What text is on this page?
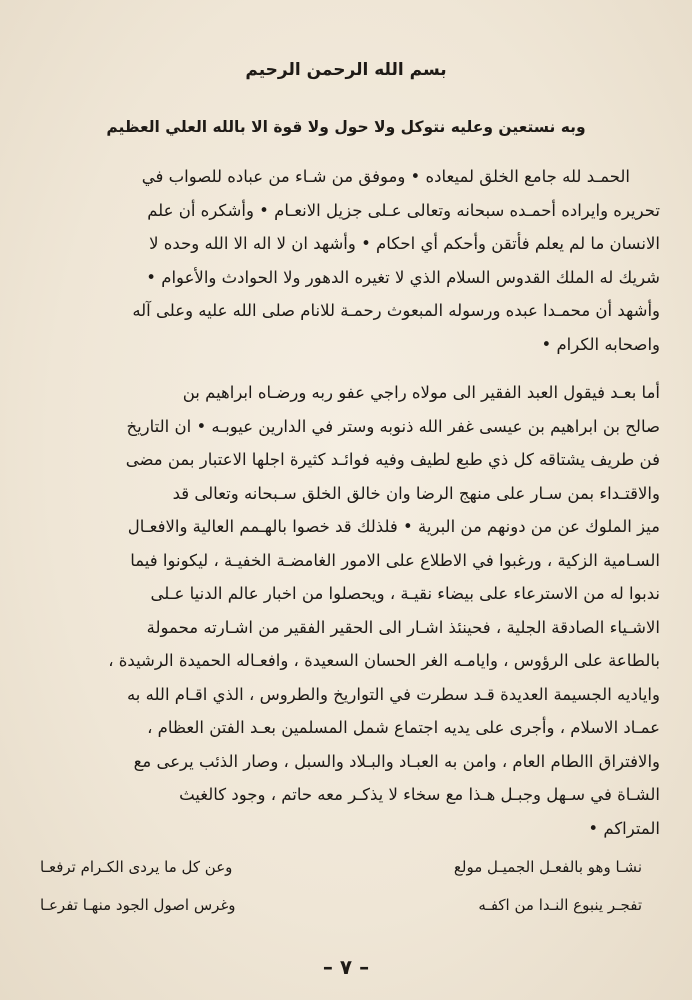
بسم الله الرحمن الرحيم
وبه نستعين وعليه نتوكل ولا حول ولا قوة الا بالله العلي العظيم
الحمـد لله جامع الخلق لميعاده • وموفق من شـاء من عباده للصواب في
تحريره وايراده أحمـده سبحانه وتعالى عـلى جزيل الانعـام • وأشكره أن علم
الانسان ما لم يعلم فأتقن وأحكم أي احكام • وأشهد ان لا اله الا الله وحده لا
شريك له الملك القدوس السلام الذي لا تغيره الدهور ولا الحوادث والأعوام •
وأشهد أن محمـدا عبده ورسوله المبعوث رحمـة للانام صلى الله عليه وعلى آله
واصحابه الكرام •
أما بعـد فيقول العبد الفقير الى مولاه راجي عفو ربه ورضـاه ابراهيم بن
صالح بن ابراهيم بن عيسى غفر الله ذنوبه وستر في الدارين عيوبـه • ان التاريخ
فن طريف يشتاقه كل ذي طبع لطيف وفيه فوائـد كثيرة اجلها الاعتبار بمن مضى
والاقتـداء بمن سـار على منهج الرضا وان خالق الخلق سـبحانه وتعالى قد
ميز الملوك عن من دونهم من البرية • فلذلك قد خصوا بالهـمم العالية والافعـال
السـامية الزكية ، ورغبوا في الاطلاع على الامور الغامضـة الخفيـة ، ليكونوا فيما
ندبوا له من الاسترعاء على بيضاء نقيـة ، ويحصلوا من اخبار عالم الدنيا عـلى
الاشـياء الصادقة الجلية ، فحينئذ اشـار الى الحقير الفقير من اشـارته محمولة
بالطاعة على الرؤوس ، وايامـه الغر الحسان السعيدة ، وافعـاله الحميدة الرشيدة ،
واياديه الجسيمة العديدة قـد سطرت في التواريخ والطروس ، الذي اقـام الله به
عمـاد الاسلام ، وأجرى على يديه اجتماع شمل المسلمين بعـد الفتن العظام ،
والافتراق االطام العام ، وامن به العبـاد والبـلاد والسبل ، وصار الذئب يرعى مع
الشـاة في سـهل وجبـل هـذا مع سخاء لا يذكـر معه حاتم ، وجود كالغيث
المتراكم •
نشـا وهو بالفعـل الجميـل مولع
وعن كل ما يردى الكـرام ترفعـا
تفجـر ينبوع النـدا من اكفـه
وغرس اصول الجود منهـا تفرعـا
– ٧ –
